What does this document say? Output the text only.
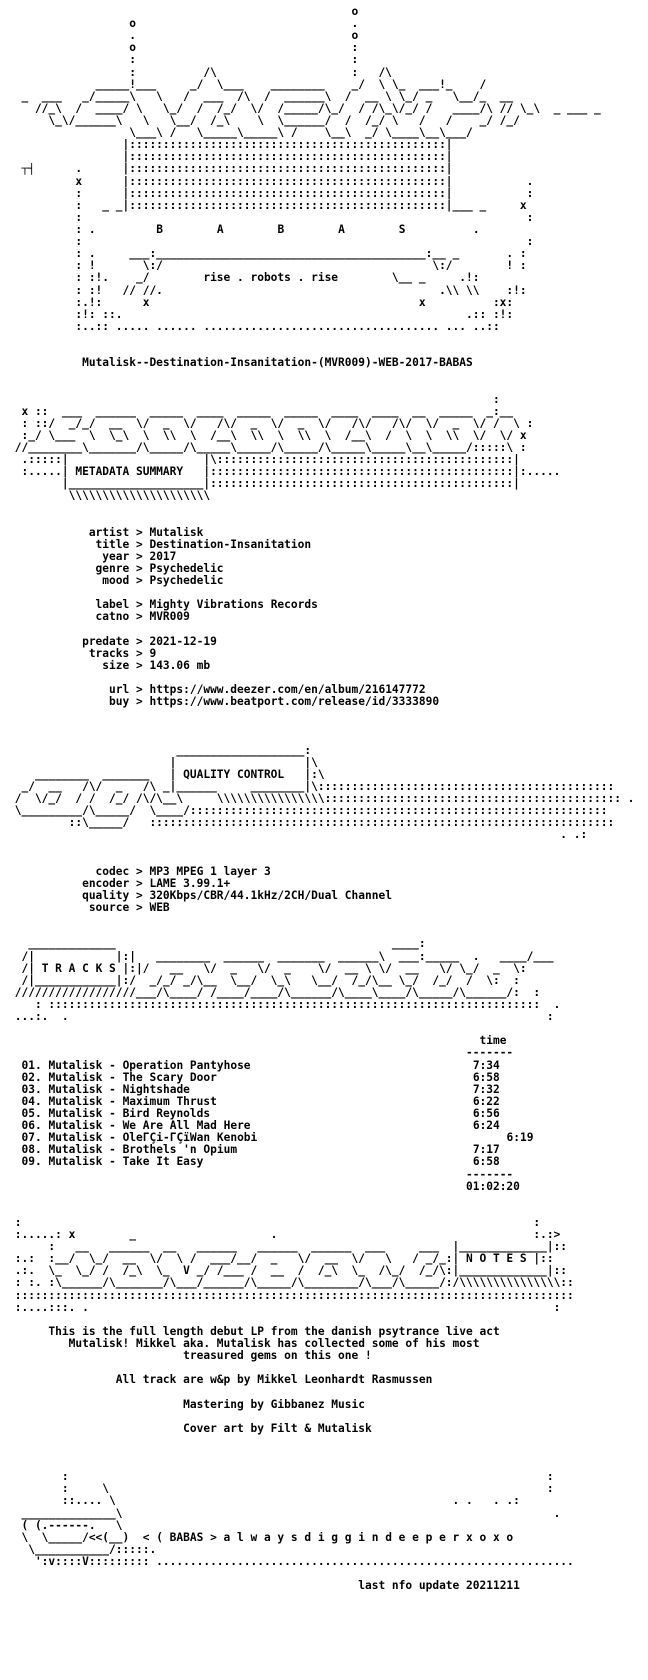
o
o                                .
.                                o
o                                :
:                                :
:          /\                    :   /\
_____!___     _/  \___    ________    _/  \ \_  ___!_    /
_  ___   _/_____\   \   /  ___  /\  /  ______\  /  __ \ \_/ _   \__/_  __
//_\  /  ____/ \   \_/  /  /_/  \/  /_____/\_/  / /\_\/_/ /   ____/\ // \_\  _ ___ _
\_\/______\   \   \__/  /_\    \  \______/  /  /_/ \   /   /    _/ /_/
\___\ /   \_____\_____\ /    \__\  _/ \____\__\___/
|:::::::::::::::::::::::::::::::::::::::::::::::|
|:::::::::::::::::::::::::::::::::::::::::::::::|
┬┤      .      |:::::::::::::::::::::::::::::::::::::::::::::::|
x      |:::::::::::::::::::::::::::::::::::::::::::::::|           .
:      |:::::::::::::::::::::::::::::::::::::::::::::::|           :
:   _ _|:::::::::::::::::::::::::::::::::::::::::::::::|___ _     x
:                                                                  :
: .         B	A	B	A	S          .
:                                                                  :
: .     ___:________________________________________:__ _       . :
: !       \:/                                        \:/        ! :
: :!.    _/        rise . robots . rise        \__ _     .!:
: :!   // //.                                         .\\ \\    :!:
:.!:      x                                        x          :x:
:!: ::.                                                   .:: :!:
:..:: ..... ...... ................................... ... ..::

Mutalisk--Destination-Insanitation-(MVR009)-WEB-2017-BABAS

:
x ::  ___  ______  _____  ____  _____  _____  ____  ____  __  _____  _:__
: ::/  _/_/  __  \/  _  \/   /\/  _  \/  _  \/   /\/   /\/  \/  _  \/ /  \ :
:_/ \___  \  \_\  \  \\  \  /__\  \\  \  \\  \  /__\  /  \  \  \\  \/  \/ x
//________\_______/\_____/\_____\_____/\_____/\_____\_____\__\_____/:::::\ :
.:::::|                    |\::::::::::::::::::::::::::::::::::::::::::::|
:.....| METADATA SUMMARY   |:::::::::::::::::::::::::::::::::::::::::::::|:.....
|____________________|:::::::::::::::::::::::::::::::::::::::::::::|
\\\\\\\\\\\\\\\\\\\\\

artist > Mutalisk
title > Destination-Insanitation
year > 2017
genre > Psychedelic
mood > Psychedelic

label > Mighty Vibrations Records
catno > MVR009

predate > 2021-12-19
tracks > 9
size > 143.06 mb

url > https://www.deezer.com/en/album/216147772
buy > https://www.beatport.com/release/id/3333890

___________________:
|                   |\
________  _______   | QUALITY CONTROL   |:\
_/  __   /\/  _   /\ _|______     ________|\::::::::::::::::::::::::::::::::::::::::::::
/  \/_/  / /  /_/ /\/\__\     \\\\\\\\\\\\\\\\:::::::::::::::::::::::::::::::::::::::::::: .
\_________/\_____/  \____/::::::::::::::::::::::::::::::::::::::::::::::::::::::::::::::
::\_____/   :::::::::::::::::::::::::::::::::::::::::::::::::::::::::::::::::::::
. .:

codec > MP3 MPEG 1 layer 3
encoder > LAME 3.99.1+
quality > 320Kbps/CBR/44.1kHz/2CH/Dual Channel
source > WEB

_____________                                         ____:
/|            |:|   ________  ______  _______  ______\  ___:_____  .   ____/___
/| T R A C K S |:|/   __   \/  _   \/  _    \/  __ \ \/  __   \/ \_/  _  \:
/|____________|:/  _/_/ _/\__  \__/  \_\   \__/  /_/\__ \_/  /_/  /  \:  :
//////////////////___/\____/ /____/____/\______/\____\____/\_____/\______/:  :
: :::::::::::::::::::::::::::::::::::::::::::::::::::::::::::::::::::::::::  .
...:.  .                                                                       :

time
-------
01. Mutalisk - Operation Pantyhose	7:34
02. Mutalisk - The Scary Door	6:58
03. Mutalisk - Nightshade	7:32
04. Mutalisk - Maximum Thrust	6:22
05. Mutalisk - Bird Reynolds	6:56
06. Mutalisk - We Are All Mad Here	6:24
07. Mutalisk - OleГÇi-ГÇïWan Kenobi	6:19
08. Mutalisk - Brothels 'n Opium	7:17
09. Mutalisk - Take It Easy	6:58
-------
01:02:20

:                                                                            :
:.....: x        _                    .                                      :.:>
:   __   ______  __   ______   ______  ______  ___     ___  |_____________|::
:.:  :__/  \_/  __  \/  \ /  ___/__/  _   \/  __  \/   \   / _/_:| N O T E S |::
.:.  \_  \_/ /  /_\  \_  V _/ /___ /  __  /  /_\  \_  /\_/  /_/\:|_____________|::
: :. :\______/\_______/\___/______/\_____/\________/\___/\_____/:/\\\\\\\\\\\\\\\::
:::::::::::::::::::::::::::::::::::::::::::::::::::::::::::::::::::::::::::::::::::
:....:::. .                                                                     :

This is the full length debut LP from the danish psytrance live act
Mutalisk! Mikkel aka. Mutalisk has collected some of his most
treasured gems on this one !

All track are w&p by Mikkel Leonhardt Rasmussen

Mastering by Gibbanez Music

Cover art by Filt & Mutalisk

:                                                                       :
:     \                                                                 :
::.... \                                                  . .   . .:
______________\                                                                .
( (.------.   \
\  \_____/<<(__)  < ( BABAS > a l w a y s d i g g i n d e e p e r x o x o
\___________/:::::.
':v::::V::::::::: ..............................................................

last nfo update 20211211
